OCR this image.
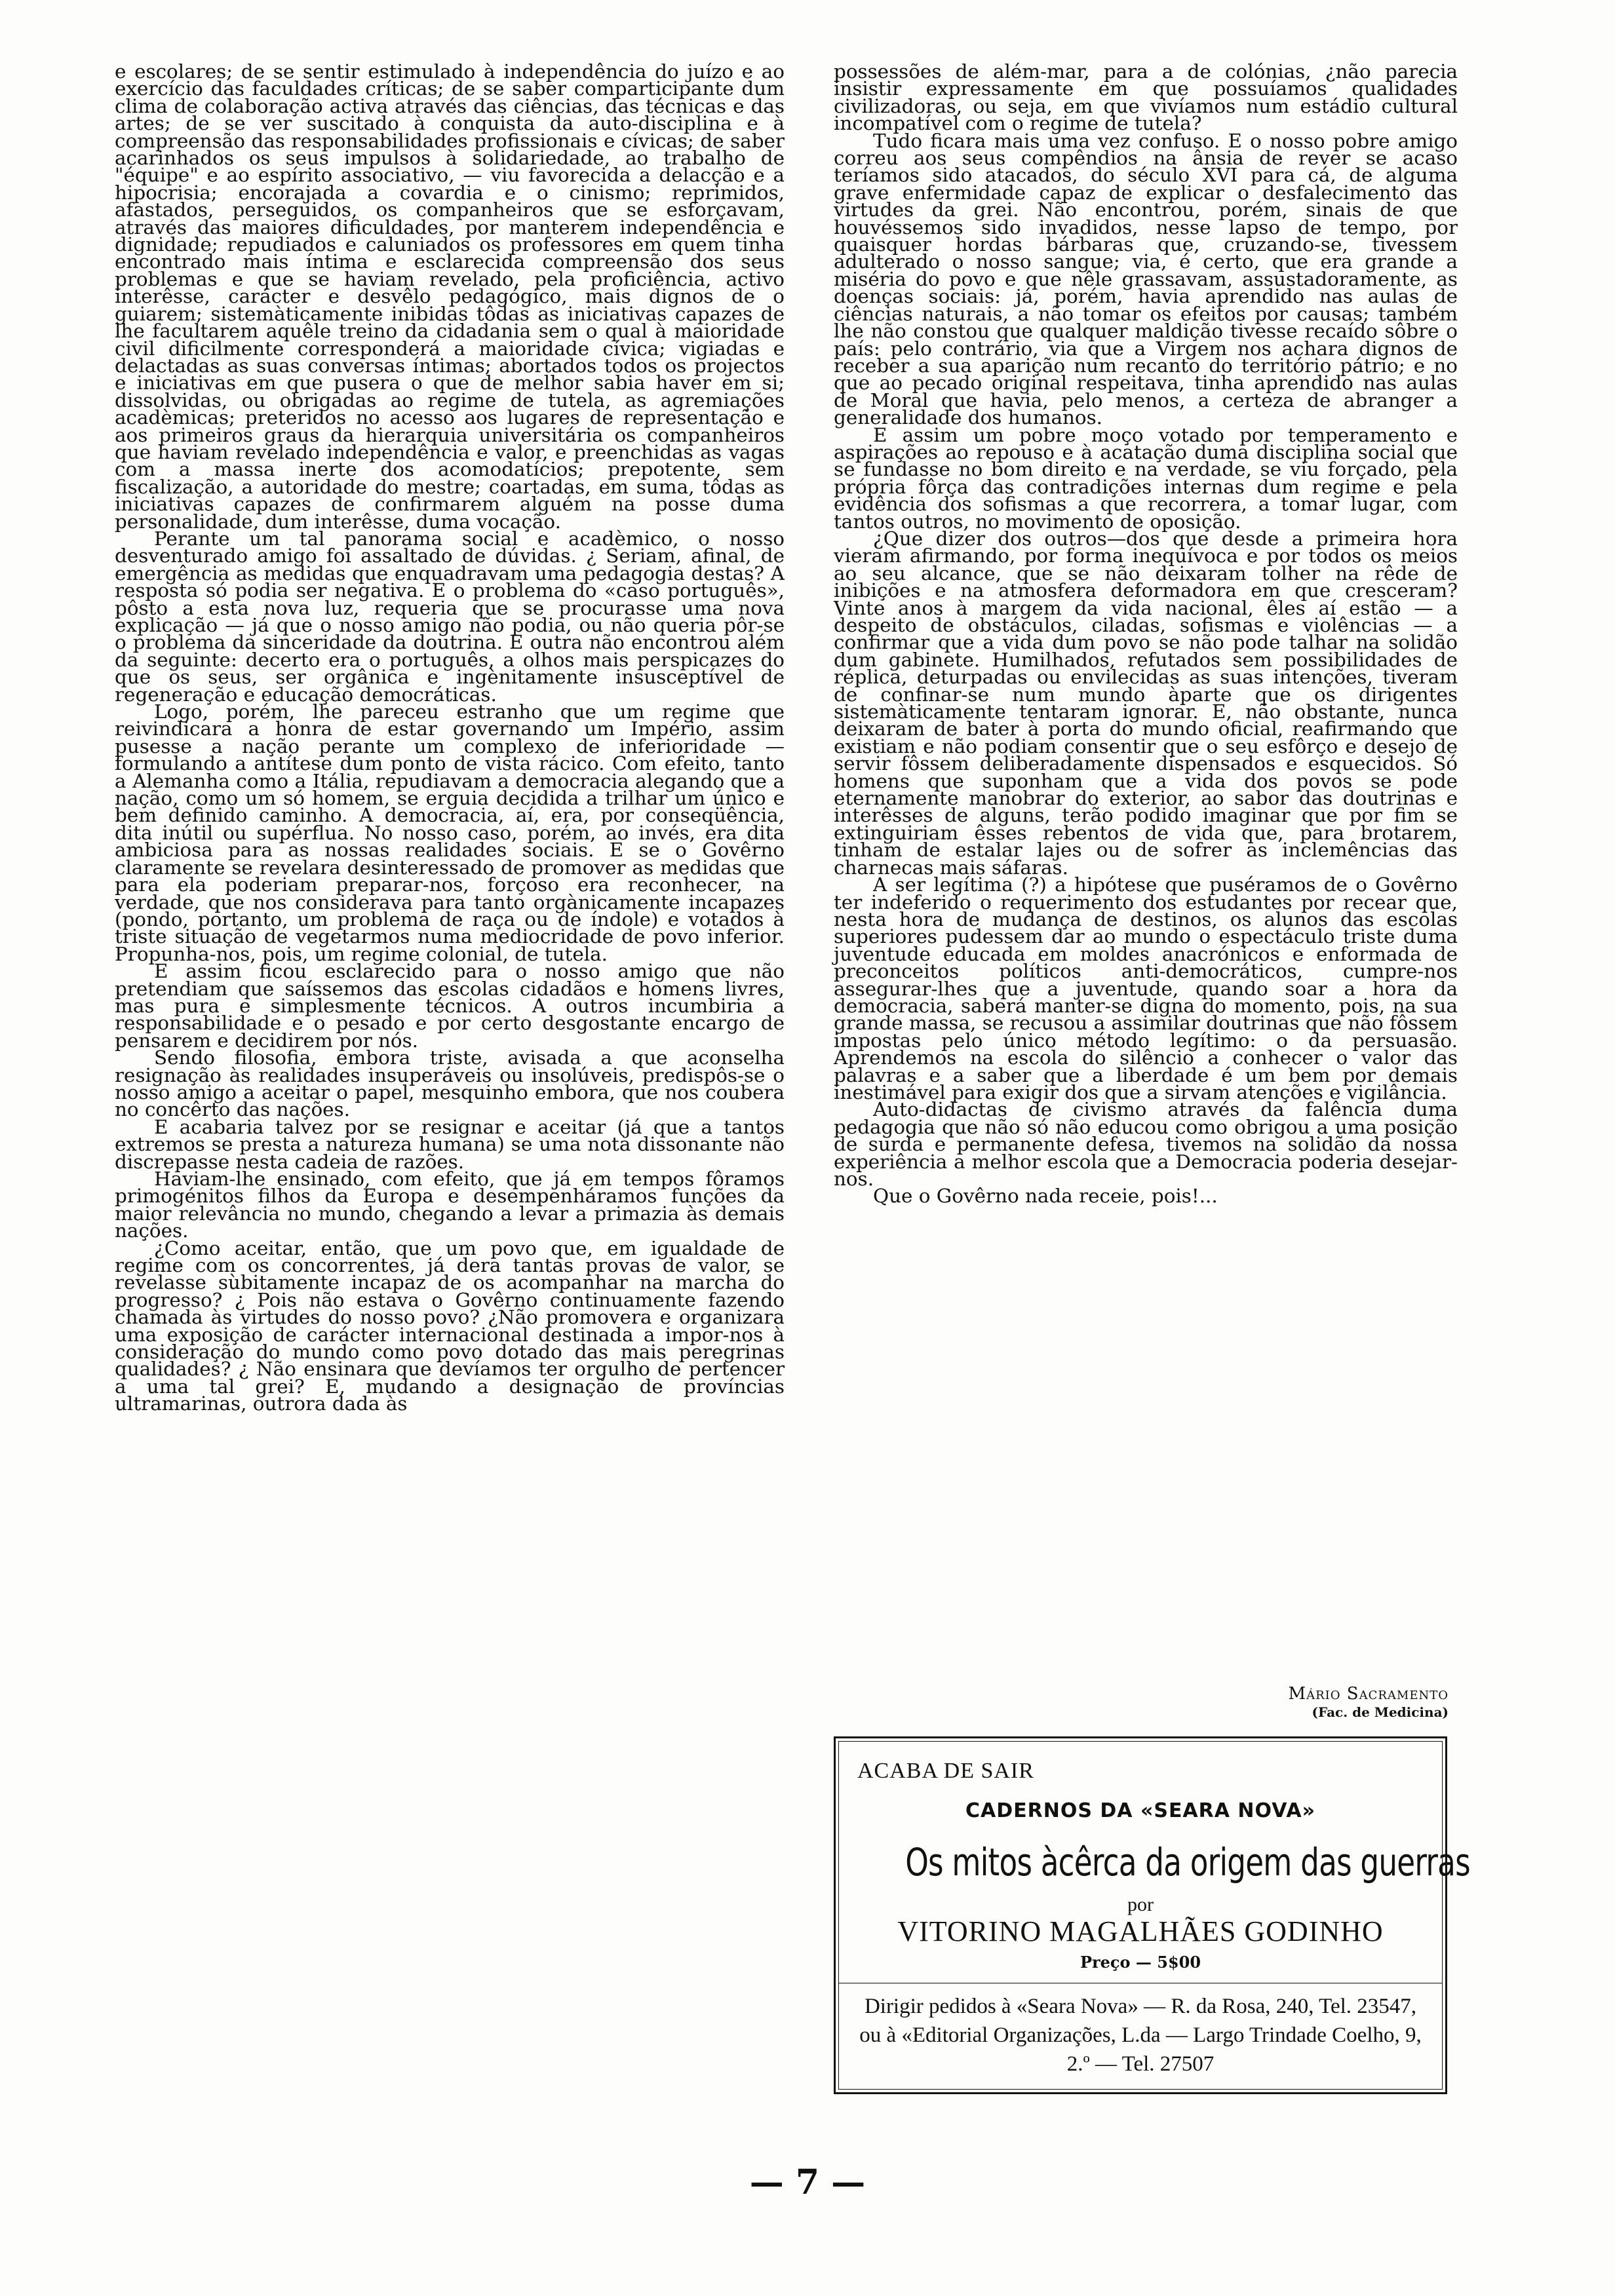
e escolares; de se sentir estimulado à independência do juízo e ao exercício das faculdades críticas; de se saber comparticipante dum clima de colaboração activa através das ciências, das técnicas e das artes; de se ver suscitado à conquista da auto-disciplina e à compreensão das responsabilidades profissionais e cívicas; de saber acarinhados os seus impulsos à solidariedade, ao trabalho de "équipe" e ao espírito associativo, — viu favorecida a delacção e a hipocrisia; encorajada a covardia e o cinismo; reprimidos, afastados, perseguidos, os companheiros que se esforçavam, através das maiores dificuldades, por manterem independência e dignidade; repudiados e caluniados os professores em quem tinha encontrado mais íntima e esclarecida compreensão dos seus problemas e que se haviam revelado, pela proficiência, activo interêsse, carácter e desvêlo pedagógico, mais dignos de o guiarem; sistemàticamente inibidas tôdas as iniciativas capazes de lhe facultarem aquêle treino da cidadania sem o qual à maioridade civil dificilmente corresponderá a maioridade cívica; vigiadas e delactadas as suas conversas íntimas; abortados todos os projectos e iniciativas em que pusera o que de melhor sabia haver em si; dissolvidas, ou obrigadas ao regime de tutela, as agremiações acadèmicas; preteridos no acesso aos lugares de representação e aos primeiros graus da hierarquia universitária os companheiros que haviam revelado independência e valor, e preenchidas as vagas com a massa inerte dos acomodatícios; prepotente, sem fiscalização, a autoridade do mestre; coartadas, em suma, tôdas as iniciativas capazes de confirmarem alguém na posse duma personalidade, dum interêsse, duma vocação.

Perante um tal panorama social e acadèmico, o nosso desventurado amigo foi assaltado de dúvidas. ¿ Seriam, afinal, de emergência as medidas que enquadravam uma pedagogia destas? A resposta só podia ser negativa. E o problema do «caso português», pôsto a esta nova luz, requeria que se procurasse uma nova explicação — já que o nosso amigo não podia, ou não queria pôr-se o problema da sinceridade da doutrina. E outra não encontrou além da seguinte: decerto era o português, a olhos mais perspicazes do que os seus, ser orgânica e ingènitamente insusceptível de regeneração e educação democráticas.

Logo, porém, lhe pareceu estranho que um regime que reivindicara a honra de estar governando um Império, assim pusesse a nação perante um complexo de inferioridade — formulando a antítese dum ponto de vista rácico. Com efeito, tanto a Alemanha como a Itália, repudiavam a democracia alegando que a nação, como um só homem, se erguia decidida a trilhar um único e bem definido caminho. A democracia, aí, era, por conseqüência, dita inútil ou supérflua. No nosso caso, porém, ao invés, era dita ambiciosa para as nossas realidades sociais. E se o Govêrno claramente se revelara desinteressado de promover as medidas que para ela poderiam preparar-nos, forçoso era reconhecer, na verdade, que nos considerava para tanto orgànicamente incapazes (pondo, portanto, um problema de raça ou de índole) e votados à triste situação de vegetarmos numa mediocridade de povo inferior. Propunha-nos, pois, um regime colonial, de tutela.

E assim ficou esclarecido para o nosso amigo que não pretendiam que saíssemos das escolas cidadãos e homens livres, mas pura e simplesmente técnicos. A outros incumbiria a responsabilidade e o pesado e por certo desgostante encargo de pensarem e decidirem por nós.

Sendo filosofia, embora triste, avisada a que aconselha resignação às realidades insuperáveis ou insolúveis, predispôs-se o nosso amigo a aceitar o papel, mesquinho embora, que nos coubera no concêrto das nações.

E acabaria talvez por se resignar e aceitar (já que a tantos extremos se presta a natureza humana) se uma nota dissonante não discrepasse nesta cadeia de razões.

Haviam-lhe ensinado, com efeito, que já em tempos fôramos primogénitos filhos da Europa e desempenháramos funções da maior relevância no mundo, chegando a levar a primazia às demais nações.

¿Como aceitar, então, que um povo que, em igualdade de regime com os concorrentes, já dera tantas provas de valor, se revelasse sùbitamente incapaz de os acompanhar na marcha do progresso? ¿ Pois não estava o Govêrno continuamente fazendo chamada às virtudes do nosso povo? ¿Não promovera e organizara uma exposição de carácter internacional destinada a impor-nos à consideração do mundo como povo dotado das mais peregrinas qualidades? ¿ Não ensinara que devíamos ter orgulho de pertencer a uma tal grei? E, mudando a designação de províncias ultramarinas, outrora dada às

possessões de além-mar, para a de colónias, ¿não parecia insistir expressamente em que possuíamos qualidades civilizadoras, ou seja, em que vivíamos num estádio cultural incompatível com o regime de tutela?

Tudo ficara mais uma vez confuso. E o nosso pobre amigo correu aos seus compêndios na ânsia de rever se acaso teríamos sido atacados, do século XVI para cá, de alguma grave enfermidade capaz de explicar o desfalecimento das virtudes da grei. Não encontrou, porém, sinais de que houvéssemos sido invadidos, nesse lapso de tempo, por quaisquer hordas bárbaras que, cruzando-se, tivessem adulterado o nosso sangue; via, é certo, que era grande a miséria do povo e que nêle grassavam, assustadoramente, as doenças sociais: já, porém, havia aprendido nas aulas de ciências naturais, a não tomar os efeitos por causas; também lhe não constou que qualquer maldição tivesse recaído sôbre o país: pelo contrário, via que a Virgem nos achara dignos de receber a sua aparição num recanto do território pátrio; e no que ao pecado original respeitava, tinha aprendido nas aulas de Moral que havia, pelo menos, a certeza de abranger a generalidade dos humanos.

E assim um pobre moço votado por temperamento e aspirações ao repouso e à acatação duma disciplina social que se fundasse no bom direito e na verdade, se viu forçado, pela própria fôrça das contradições internas dum regime e pela evidência dos sofismas a que recorrera, a tomar lugar, com tantos outros, no movimento de oposição.

¿Que dizer dos outros—dos que desde a primeira hora vieram afirmando, por forma inequívoca e por todos os meios ao seu alcance, que se não deixaram tolher na rêde de inibições e na atmosfera deformadora em que cresceram? Vinte anos à margem da vida nacional, êles aí estão — a despeito de obstáculos, ciladas, sofismas e violências — a confirmar que a vida dum povo se não pode talhar na solidão dum gabinete. Humilhados, refutados sem possibilidades de réplica, deturpadas ou envilecidas as suas intenções, tiveram de confinar-se num mundo àparte que os dirigentes sistemàticamente tentaram ignorar. E, não obstante, nunca deixaram de bater à porta do mundo oficial, reafirmando que existiam e não podiam consentir que o seu esfôrço e desejo de servir fôssem deliberadamente dispensados e esquecidos. Só homens que suponham que a vida dos povos se pode eternamente manobrar do exterior, ao sabor das doutrinas e interêsses de alguns, terão podido imaginar que por fim se extinguiriam êsses rebentos de vida que, para brotarem, tinham de estalar lajes ou de sofrer as inclemências das charnecas mais sáfaras.

A ser legítima (?) a hipótese que puséramos de o Govêrno ter indeferido o requerimento dos estudantes por recear que, nesta hora de mudança de destinos, os alunos das escolas superiores pudessem dar ao mundo o espectáculo triste duma juventude educada em moldes anacrónicos e enformada de preconceitos políticos anti-democráticos, cumpre-nos assegurar-lhes que a juventude, quando soar a hora da democracia, saberá manter-se digna do momento, pois, na sua grande massa, se recusou a assimilar doutrinas que não fôssem impostas pelo único método legítimo: o da persuasão. Aprendemos na escola do silêncio a conhecer o valor das palavras e a saber que a liberdade é um bem por demais inestimável para exigir dos que a sirvam atenções e vigilância.

Auto-didactas de civismo através da falência duma pedagogia que não só não educou como obrigou a uma posição de surda e permanente defesa, tivemos na solidão da nossa experiência a melhor escola que a Democracia poderia desejar-nos.

Que o Govêrno nada receie, pois!...

Mário Sacramento
(Fac. de Medicina)
ACABA DE SAIR
CADERNOS DA «SEARA NOVA»
Os mitos àcêrca da origem das guerras
por
VITORINO MAGALHÃES GODINHO
Preço — 5$00
Dirigir pedidos à «Seara Nova» — R. da Rosa, 240, Tel. 23547, ou à «Editorial Organizações, L.da — Largo Trindade Coelho, 9, 2.º — Tel. 27507
— 7 —
